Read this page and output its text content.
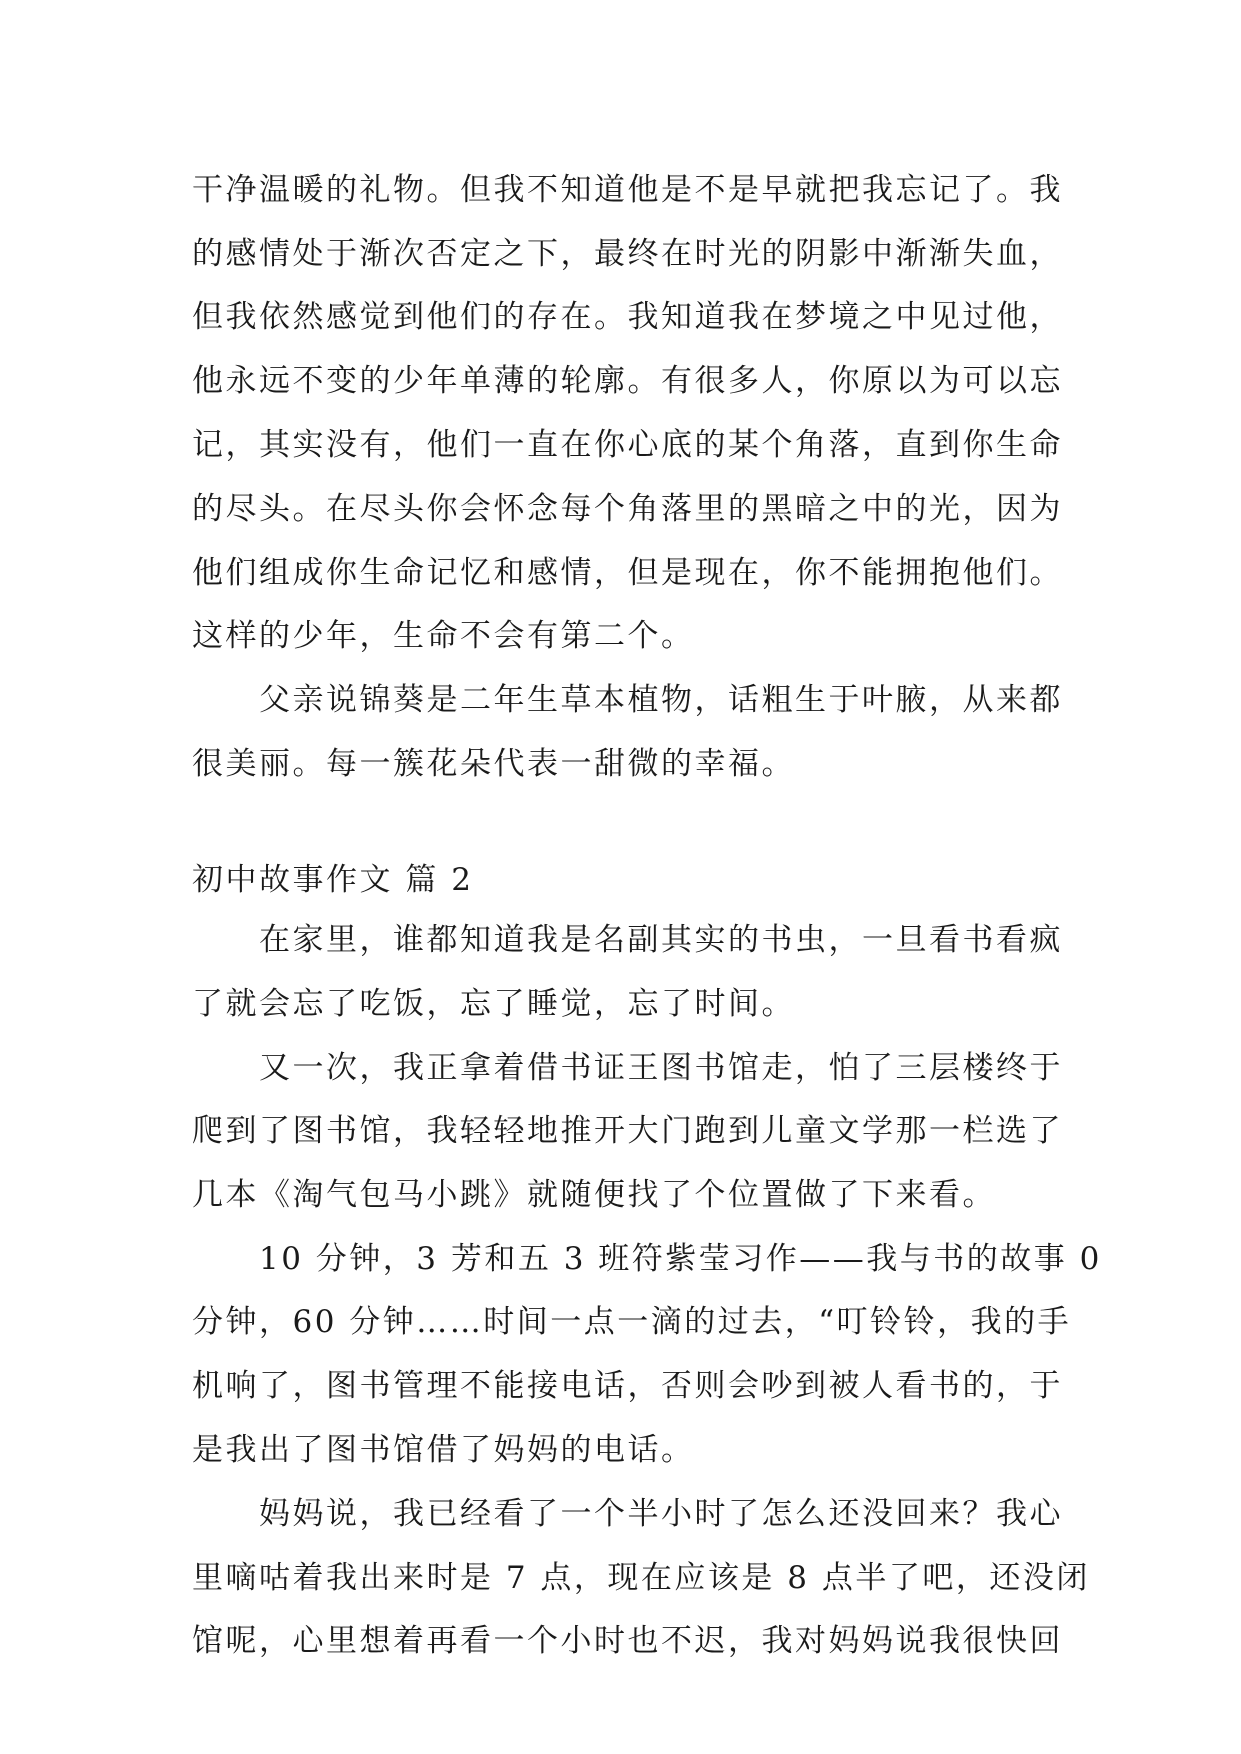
干净温暖的礼物。但我不知道他是不是早就把我忘记了。我
的感情处于渐次否定之下，最终在时光的阴影中渐渐失血，
但我依然感觉到他们的存在。我知道我在梦境之中见过他，
他永远不变的少年单薄的轮廓。有很多人，你原以为可以忘
记，其实没有，他们一直在你心底的某个角落，直到你生命
的尽头。在尽头你会怀念每个角落里的黑暗之中的光，因为
他们组成你生命记忆和感情，但是现在，你不能拥抱他们。
这样的少年，生命不会有第二个。
　　父亲说锦葵是二年生草本植物，话粗生于叶腋，从来都
很美丽。每一簇花朵代表一甜微的幸福。
初中故事作文 篇 2
　　在家里，谁都知道我是名副其实的书虫，一旦看书看疯
了就会忘了吃饭，忘了睡觉，忘了时间。
　　又一次，我正拿着借书证王图书馆走，怕了三层楼终于
爬到了图书馆，我轻轻地推开大门跑到儿童文学那一栏选了
几本《淘气包马小跳》就随便找了个位置做了下来看。
　　10 分钟，3 芳和五 3 班符紫莹习作——我与书的故事 0
分钟，60 分钟……时间一点一滴的过去，“叮铃铃，我的手
机响了，图书管理不能接电话，否则会吵到被人看书的，于
是我出了图书馆借了妈妈的电话。
　　妈妈说，我已经看了一个半小时了怎么还没回来？我心
里嘀咕着我出来时是 7 点，现在应该是 8 点半了吧，还没闭
馆呢，心里想着再看一个小时也不迟，我对妈妈说我很快回
